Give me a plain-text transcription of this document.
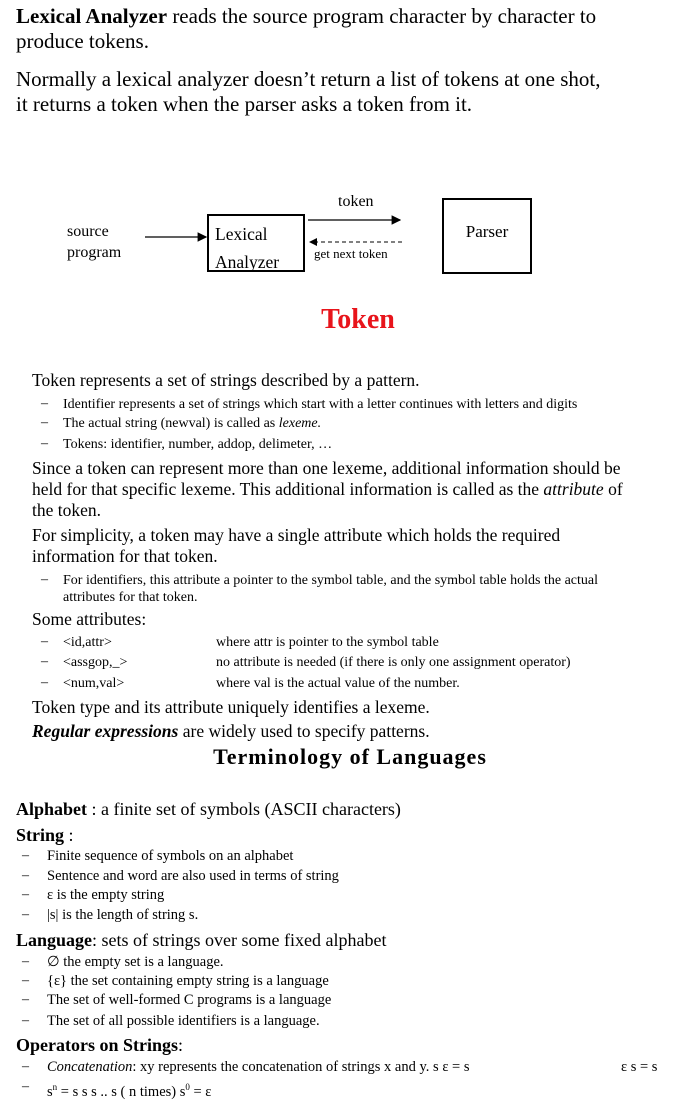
Lexical Analyzer reads the source program character by character to
produce tokens.
Normally a lexical analyzer doesn’t return a list of tokens at one shot,
it returns a token when the parser asks a token from it.
source
program
Lexical
Analyzer
token
get next token
Parser
Token
Token represents a set of strings described by a pattern.
– Identifier represents a set of strings which start with a letter continues with letters and digits
– The actual string (newval) is called as lexeme.
– Tokens: identifier, number, addop, delimeter, …
Since a token can represent more than one lexeme, additional information should be
held for that specific lexeme. This additional information is called as the attribute of
the token.
For simplicity, a token may have a single attribute which holds the required
information for that token.
– For identifiers, this attribute a pointer to the symbol table, and the symbol table holds the actual
attributes for that token.
Some attributes:
– <id,attr>	where attr is pointer to the symbol table
– <assgop,_>	no attribute is needed (if there is only one assignment operator)
– <num,val>	where val is the actual value of the number.
Token type and its attribute uniquely identifies a lexeme.
Regular expressions are widely used to specify patterns.
Terminology of Languages
Alphabet : a finite set of symbols (ASCII characters)
String :
– Finite sequence of symbols on an alphabet
– Sentence and word are also used in terms of string
– ε is the empty string
– |s| is the length of string s.
Language: sets of strings over some fixed alphabet
– ∅ the empty set is a language.
– {ε} the set containing empty string is a language
– The set of well-formed C programs is a language
– The set of all possible identifiers is a language.
Operators on Strings:
– Concatenation: xy represents the concatenation of strings x and y. s ε = s	ε s = s
– $s^n = s$ s s .. s ( n times) $s^0 = \varepsilon$
